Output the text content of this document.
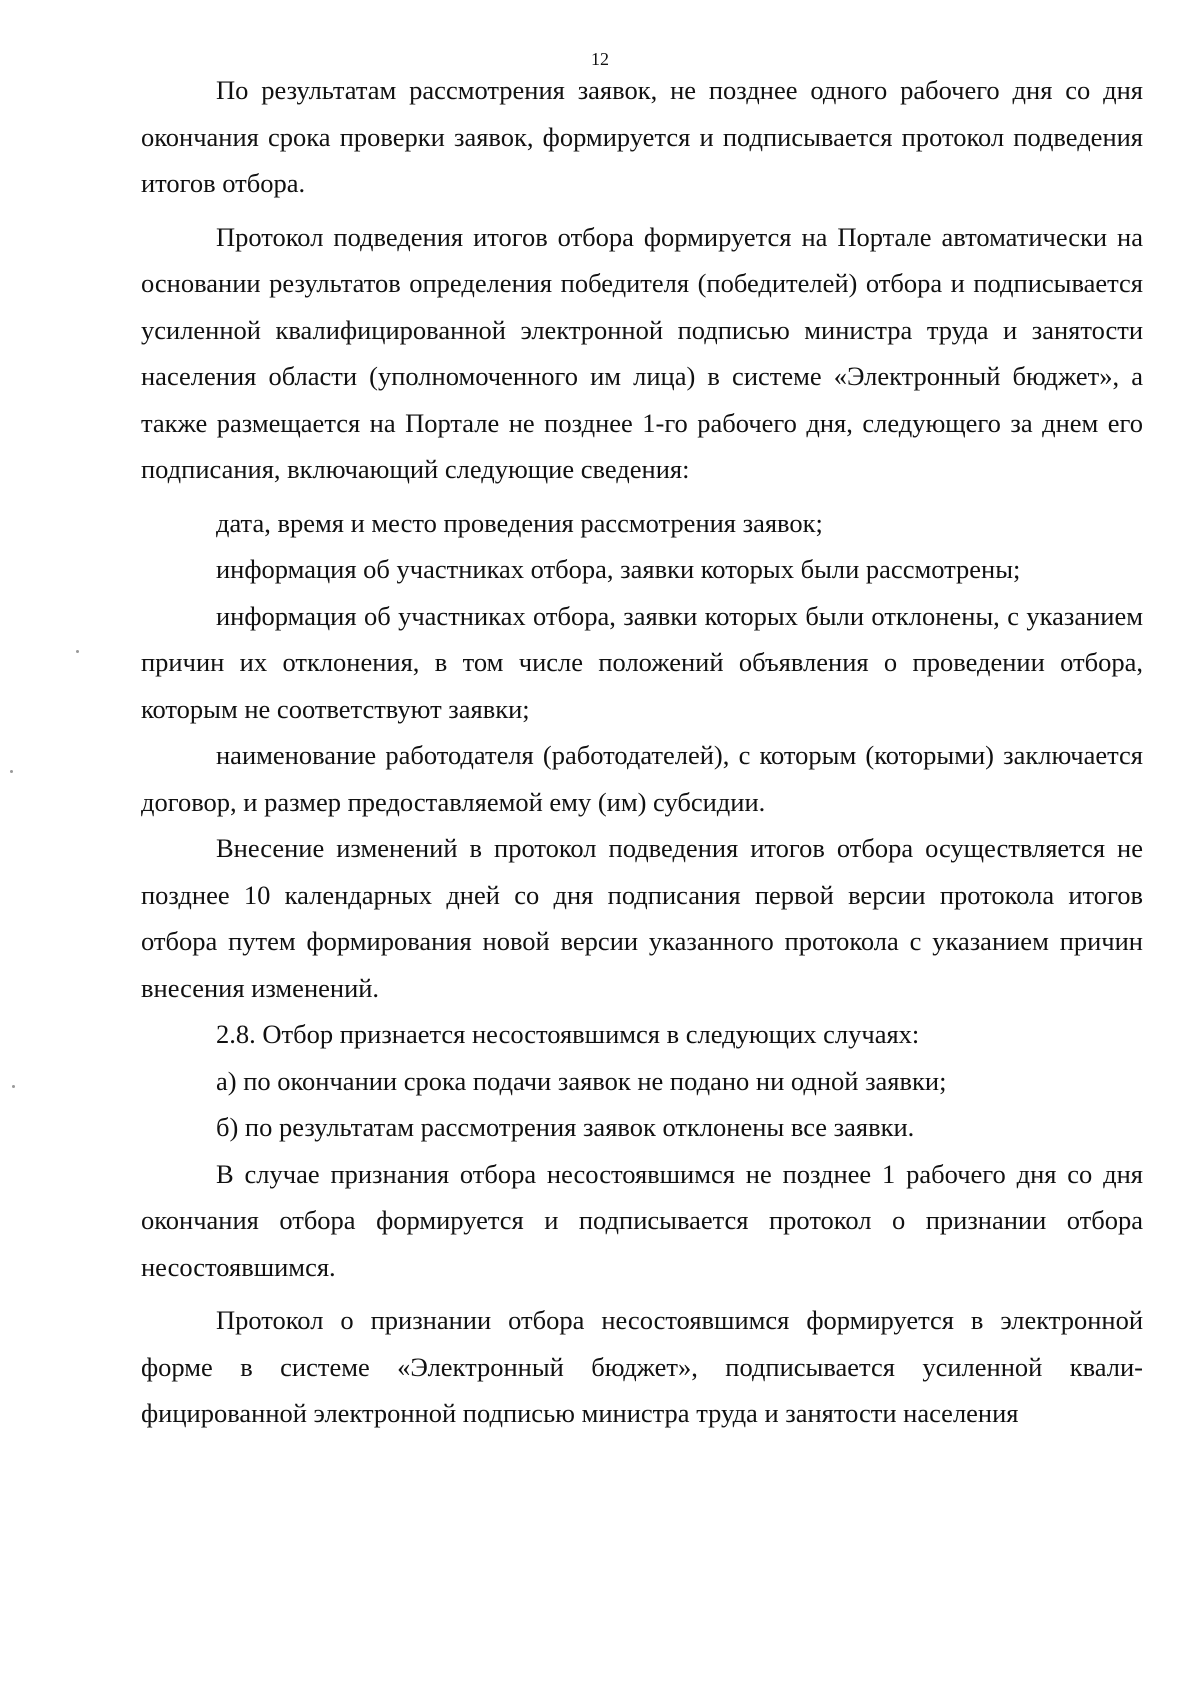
12

По результатам рассмотрения заявок, не позднее одного рабочего дня со дня окончания срока проверки заявок, формируется и подписывается протокол подведения итогов отбора.

Протокол подведения итогов отбора формируется на Портале автоматически на основании результатов определения победителя (победителей) отбора и подписывается усиленной квалифицированной электронной подписью министра труда и занятости населения области (уполномоченного им лица) в системе «Электронный бюджет», а также размещается на Портале не позднее 1-го рабочего дня, следующего за днем его подписания, включающий следующие сведения:

дата, время и место проведения рассмотрения заявок;

информация об участниках отбора, заявки которых были рассмотрены;

информация об участниках отбора, заявки которых были отклонены, с указанием причин их отклонения, в том числе положений объявления о проведении отбора, которым не соответствуют заявки;

наименование работодателя (работодателей), с которым (которыми) заключается договор, и размер предоставляемой ему (им) субсидии.

Внесение изменений в протокол подведения итогов отбора осуществляется не позднее 10 календарных дней со дня подписания первой версии протокола итогов отбора путем формирования новой версии указанного протокола с указанием причин внесения изменений.

2.8. Отбор признается несостоявшимся в следующих случаях:

а) по окончании срока подачи заявок не подано ни одной заявки;

б) по результатам рассмотрения заявок отклонены все заявки.

В случае признания отбора несостоявшимся не позднее 1 рабочего дня со дня окончания отбора формируется и подписывается протокол о признании отбора несостоявшимся.

Протокол о признании отбора несостоявшимся формируется в электронной форме в системе «Электронный бюджет», подписывается усиленной квалифицированной электронной подписью министра труда и занятости населения
